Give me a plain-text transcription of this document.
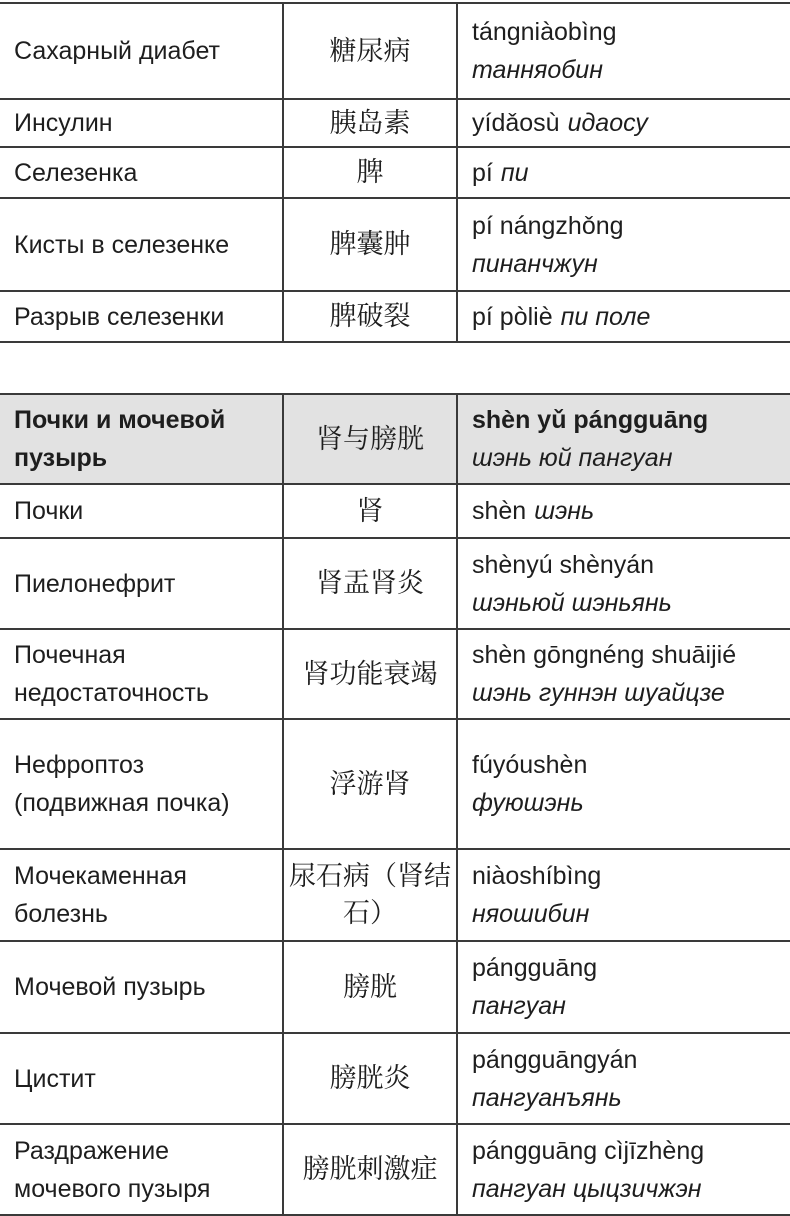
Сахарный диабет	糖尿病	tángniàobìng
танняобин

Инсулин	胰岛素	yídǎosù идаосу
Селезенка	脾	pí пи
Кисты в селезенке	脾囊肿	pí nángzhǒng
пинанчжун

Разрыв селезенки	脾破裂	pí pòliè пи поле
Почки и мочевой пузырь	肾与膀胱	shèn yǔ pángguāng
шэнь юй пангуан

Почки	肾	shèn шэнь
Пиелонефрит	肾盂肾炎	shènyú shènyán
шэньюй шэньянь

Почечная недостаточность	肾功能衰竭	shèn gōngnéng shuāijié
шэнь гуннэн шуайцзе

Нефроптоз (подвижная почка)	浮游肾	fúyóushèn
фуюшэнь

Мочекаменная болезнь	尿石病（肾结石）	niàoshíbìng
няошибин

Мочевой пузырь	膀胱	pángguāng
пангуан

Цистит	膀胱炎	pángguāngyán
пангуанъянь

Раздражение мочевого пузыря	膀胱刺激症	pángguāng cìjīzhèng
пангуан цыцзичжэн
